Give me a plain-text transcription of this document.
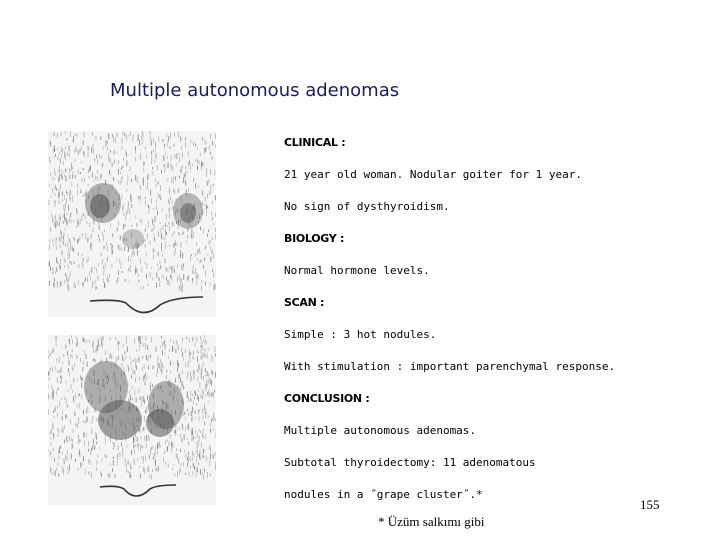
Multiple autonomous adenomas
CLINICAL :
21 year old woman. Nodular goiter for 1 year.
No sign of dysthyroidism.
BIOLOGY :
Normal hormone levels.
SCAN :
Simple : 3 hot nodules.
With stimulation : important parenchymal response.
CONCLUSION :
Multiple autonomous adenomas.
Subtotal thyroidectomy: 11 adenomatous
nodules in a ˝grape cluster˝.*
* Üzüm salkımı gibi
155
